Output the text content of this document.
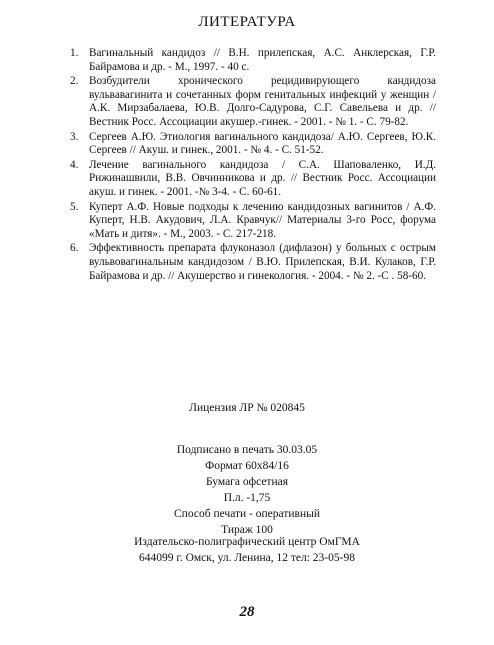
ЛИТЕРАТУРА
1. Вагинальный кандидоз // В.Н. прилепская, А.С. Анклерская, Г.Р. Байрамова и др. - М., 1997. - 40 с.
2. Возбудители хронического рецидивирующего кандидоза вульвавагинита и сочетанных форм генитальных инфекций у женщин / А.К. Мирзабалаева, Ю.В. Долго-Садурова, С.Г. Савельева и др. // Вестник Росс. Ассоциации акушер.-гинек. - 2001. - № 1. - С. 79-82.
3. Сергеев А.Ю. Этиология вагинального кандидоза/ А.Ю. Сергеев, Ю.К. Сергеев // Акуш. и гинек., 2001. - № 4. - С. 51-52.
4. Лечение вагинального кандидоза / С.А. Шаповаленко, И.Д. Рижинашвили, В.В. Овчинникова и др. // Вестник Росс. Ассоциации акуш. и гинек. - 2001. -№ 3-4. - С. 60-61.
5. Куперт А.Ф. Новые подходы к лечению кандидозных вагинитов / А.Ф. Куперт, Н.В. Акудович, Л.А. Кравчук// Материалы 3-го Росс, форума «Мать и дитя». - М., 2003. - С. 217-218.
6. Эффективность препарата флуконазол (дифлазон) у больных с острым вульвовагинальным кандидозом / В.Ю. Прилепская, В.И. Кулаков, Г.Р. Байрамова и др. // Акушерство и гинекология. - 2004. - № 2. -С . 58-60.
Лицензия ЛР № 020845
Подписано в печать 30.03.05
Формат 60х84/16
Бумага офсетная
П.л. -1,75
Способ печати - оперативный
Тираж 100
Издательско-полиграфический центр ОмГМА
644099 г. Омск, ул. Ленина, 12 тел: 23-05-98
28
